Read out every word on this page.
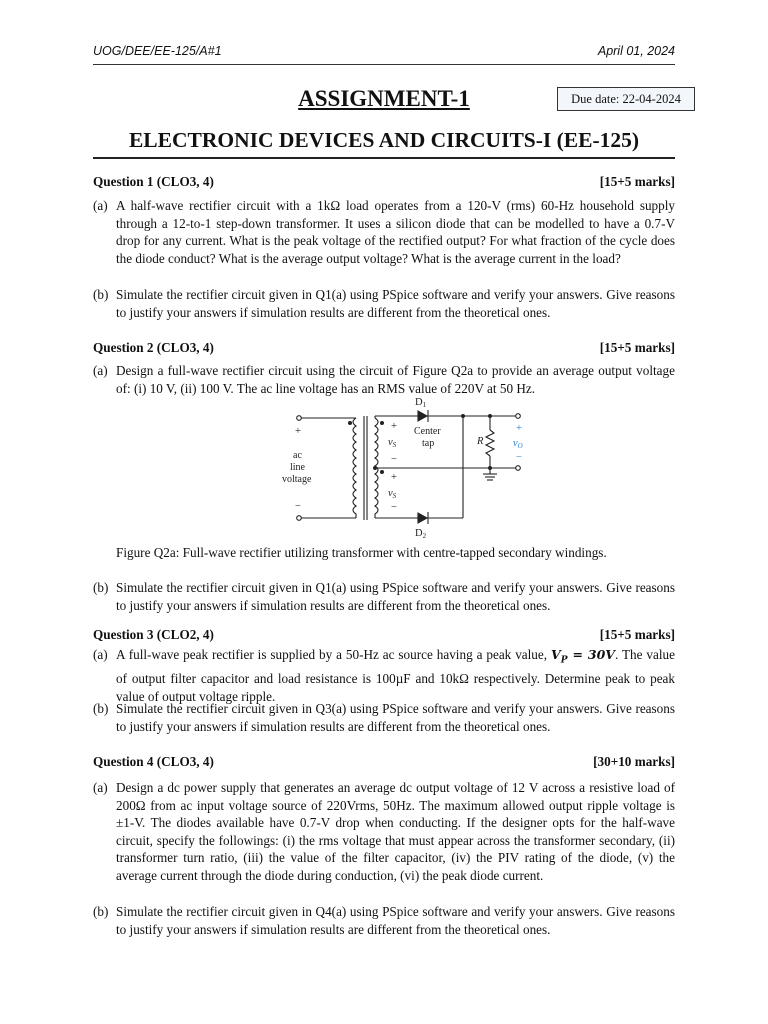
UOG/DEE/EE-125/A#1	April 01, 2024
ASSIGNMENT-1	Due date: 22-04-2024
ELECTRONIC DEVICES AND CIRCUITS-I (EE-125)
Question 1 (CLO3, 4)	[15+5 marks]
(a) A half-wave rectifier circuit with a 1kΩ load operates from a 120-V (rms) 60-Hz household supply through a 12-to-1 step-down transformer. It uses a silicon diode that can be modelled to have a 0.7-V drop for any current. What is the peak voltage of the rectified output? For what fraction of the cycle does the diode conduct? What is the average output voltage? What is the average current in the load?
(b) Simulate the rectifier circuit given in Q1(a) using PSpice software and verify your answers. Give reasons to justify your answers if simulation results are different from the theoretical ones.
Question 2 (CLO3, 4)	[15+5 marks]
(a) Design a full-wave rectifier circuit using the circuit of Figure Q2a to provide an average output voltage of: (i) 10 V, (ii) 100 V. The ac line voltage has an RMS value of 220V at 50 Hz.
D1
D2
+
−
ac line voltage
+
−
+
−
vS
vS
Center tap	R
+
vO
−
Figure Q2a: Full-wave rectifier utilizing transformer with centre-tapped secondary windings.
(b) Simulate the rectifier circuit given in Q1(a) using PSpice software and verify your answers. Give reasons to justify your answers if simulation results are different from the theoretical ones.
Question 3 (CLO2, 4)	[15+5 marks]
(a) A full-wave peak rectifier is supplied by a 50-Hz ac source having a peak value, $V_P = 30V$. The value of output filter capacitor and load resistance is 100µF and 10kΩ respectively. Determine peak to peak value of output voltage ripple.
(b) Simulate the rectifier circuit given in Q3(a) using PSpice software and verify your answers. Give reasons to justify your answers if simulation results are different from the theoretical ones.
Question 4 (CLO3, 4)	[30+10 marks]
(a) Design a dc power supply that generates an average dc output voltage of 12 V across a resistive load of 200Ω from ac input voltage source of 220Vrms, 50Hz. The maximum allowed output ripple voltage is ±1-V. The diodes available have 0.7-V drop when conducting. If the designer opts for the half-wave circuit, specify the followings: (i) the rms voltage that must appear across the transformer secondary, (ii) transformer turn ratio, (iii) the value of the filter capacitor, (iv) the PIV rating of the diode, (v) the average current through the diode during conduction, (vi) the peak diode current.
(b) Simulate the rectifier circuit given in Q4(a) using PSpice software and verify your answers. Give reasons to justify your answers if simulation results are different from the theoretical ones.
